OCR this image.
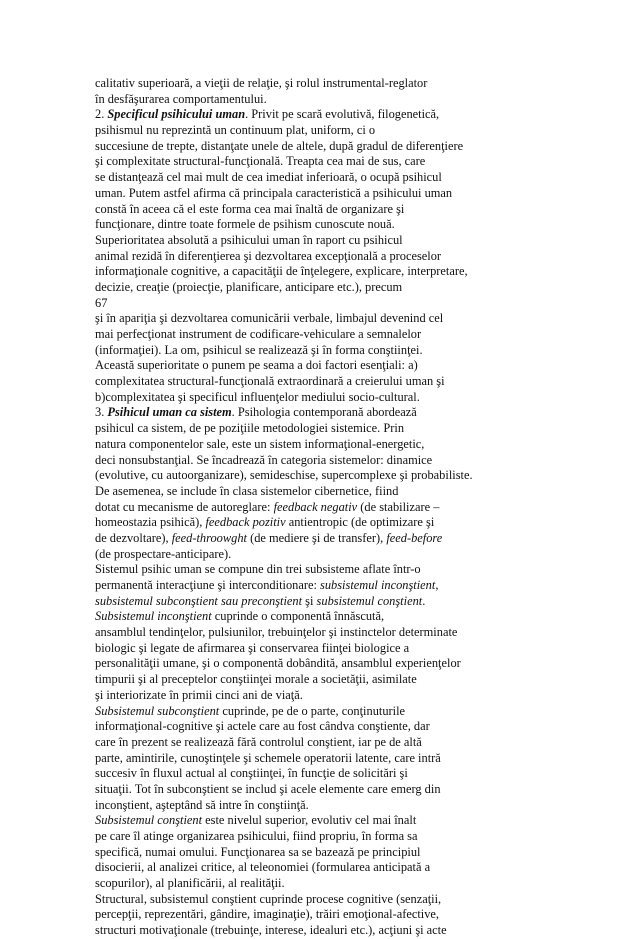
calitativ superioară, a vieţii de relaţie, şi rolul instrumental-reglator
în desfăşurarea comportamentului.
2. Specificul psihicului uman. Privit pe scară evolutivă, filogenetică,
psihismul nu reprezintă un continuum plat, uniform, ci o
succesiune de trepte, distanţate unele de altele, după gradul de diferenţiere
şi complexitate structural-funcţională. Treapta cea mai de sus, care
se distanţează cel mai mult de cea imediat inferioară, o ocupă psihicul
uman. Putem astfel afirma că principala caracteristică a psihicului uman
constă în aceea că el este forma cea mai înaltă de organizare şi
funcţionare, dintre toate formele de psihism cunoscute nouă.
Superioritatea absolută a psihicului uman în raport cu psihicul
animal rezidă în diferenţierea şi dezvoltarea excepţională a proceselor
informaţionale cognitive, a capacităţii de înţelegere, explicare, interpretare,
decizie, creaţie (proiecţie, planificare, anticipare etc.), precum
67
şi în apariţia şi dezvoltarea comunicării verbale, limbajul devenind cel
mai perfecţionat instrument de codificare-vehiculare a semnalelor
(informaţiei). La om, psihicul se realizează şi în forma conştiinţei.
Această superioritate o punem pe seama a doi factori esenţiali: a)
complexitatea structural-funcţională extraordinară a creierului uman şi
b)complexitatea şi specificul influenţelor mediului socio-cultural.
3. Psihicul uman ca sistem. Psihologia contemporană abordează
psihicul ca sistem, de pe poziţiile metodologiei sistemice. Prin
natura componentelor sale, este un sistem informaţional-energetic,
deci nonsubstanţial. Se încadrează în categoria sistemelor: dinamice
(evolutive, cu autoorganizare), semideschise, supercomplexe şi probabiliste.
De asemenea, se include în clasa sistemelor cibernetice, fiind
dotat cu mecanisme de autoreglare: feedback negativ (de stabilizare –
homeostazia psihică), feedback pozitiv antientropic (de optimizare şi
de dezvoltare), feed-throowght (de mediere şi de transfer), feed-before
(de prospectare-anticipare).
Sistemul psihic uman se compune din trei subsisteme aflate într-o
permanentă interacţiune şi interconditionare: subsistemul inconştient,
subsistemul subconştient sau preconştient şi subsistemul conştient.
Subsistemul inconştient cuprinde o componentă înnăscută,
ansamblul tendinţelor, pulsiunilor, trebuinţelor şi instinctelor determinate
biologic şi legate de afirmarea şi conservarea fiinţei biologice a
personalităţii umane, şi o componentă dobândită, ansamblul experienţelor
timpurii şi al preceptelor conştiinţei morale a societăţii, asimilate
şi interiorizate în primii cinci ani de viaţă.
Subsistemul subconştient cuprinde, pe de o parte, conţinuturile
informaţional-cognitive şi actele care au fost cândva conştiente, dar
care în prezent se realizează fără controlul conştient, iar pe de altă
parte, amintirile, cunoştinţele şi schemele operatorii latente, care intră
succesiv în fluxul actual al conştiinţei, în funcţie de solicitări şi
situaţii. Tot în subconştient se includ şi acele elemente care emerg din
inconştient, aşteptând să intre în conştiinţă.
Subsistemul conştient este nivelul superior, evolutiv cel mai înalt
pe care îl atinge organizarea psihicului, fiind propriu, în forma sa
specifică, numai omului. Funcţionarea sa se bazează pe principiul
disocierii, al analizei critice, al teleonomiei (formularea anticipată a
scopurilor), al planificării, al realităţii.
Structural, subsistemul conştient cuprinde procese cognitive (senzaţii,
percepţii, reprezentări, gândire, imaginaţie), trăiri emoţional-afective,
structuri motivaţionale (trebuinţe, interese, idealuri etc.), acţiuni şi acte
